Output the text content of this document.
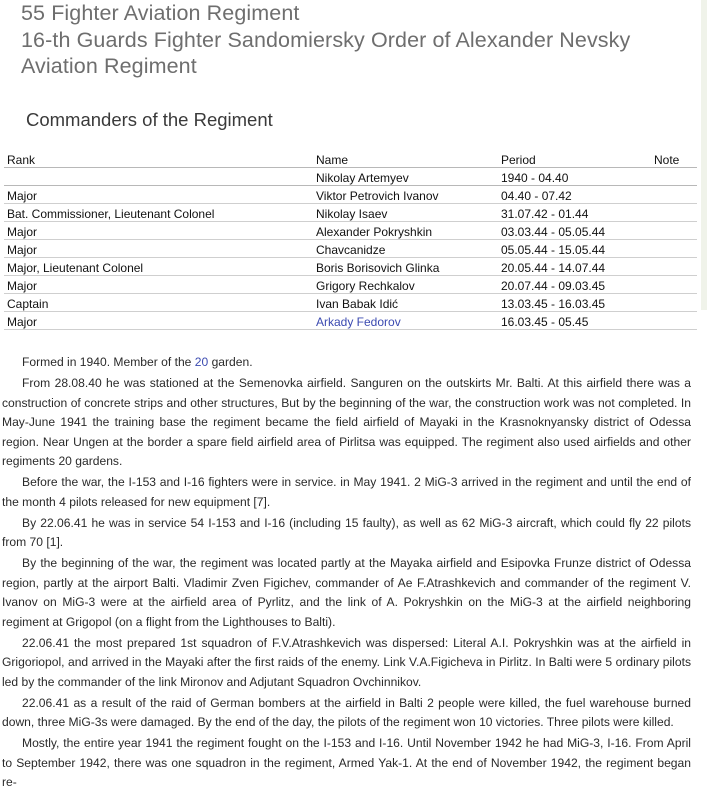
55 Fighter Aviation Regiment
16-th Guards Fighter Sandomiersky Order of Alexander Nevsky
Aviation Regiment
Commanders of the Regiment
Rank	Name	Period	Note
	Nikolay Artemyev	1940 - 04.40	
Major	Viktor Petrovich Ivanov	04.40 - 07.42	
Bat. Commissioner, Lieutenant Colonel	Nikolay Isaev	31.07.42 - 01.44	
Major	Alexander Pokryshkin	03.03.44 - 05.05.44	
Major	Chavcanidze	05.05.44 - 15.05.44	
Major, Lieutenant Colonel	Boris Borisovich Glinka	20.05.44 - 14.07.44	
Major	Grigory Rechkalov	20.07.44 - 09.03.45	
Captain	Ivan Babak Idić	13.03.45 - 16.03.45	
Major	Arkady Fedorov	16.03.45 - 05.45	

Formed in 1940. Member of the 20 garden.

From 28.08.40 he was stationed at the Semenovka airfield. Sanguren on the outskirts Mr. Balti. At this airfield there was a construction of concrete strips and other structures, But by the beginning of the war, the construction work was not completed. In May-June 1941 the training base the regiment became the field airfield of Mayaki in the Krasnoknyansky district of Odessa region. Near Ungen at the border a spare field airfield area of Pirlitsa was equipped. The regiment also used airfields and other regiments 20 gardens.

Before the war, the I-153 and I-16 fighters were in service. in May 1941. 2 MiG-3 arrived in the regiment and until the end of the month 4 pilots released for new equipment [7].

By 22.06.41 he was in service 54 I-153 and I-16 (including 15 faulty), as well as 62 MiG-3 aircraft, which could fly 22 pilots from 70 [1].

By the beginning of the war, the regiment was located partly at the Mayaka airfield and Esipovka Frunze district of Odessa region, partly at the airport Balti. Vladimir Zven Figichev, commander of Ae F.Atrashkevich and commander of the regiment V. Ivanov on MiG-3 were at the airfield area of Pyrlitz, and the link of A. Pokryshkin on the MiG-3 at the airfield neighboring regiment at Grigopol (on a flight from the Lighthouses to Balti).

22.06.41 the most prepared 1st squadron of F.V.Atrashkevich was dispersed: Literal A.I. Pokryshkin was at the airfield in Grigoriopol, and arrived in the Mayaki after the first raids of the enemy. Link V.A.Figicheva in Pirlitz. In Balti were 5 ordinary pilots led by the commander of the link Mironov and Adjutant Squadron Ovchinnikov.

22.06.41 as a result of the raid of German bombers at the airfield in Balti 2 people were killed, the fuel warehouse burned down, three MiG-3s were damaged. By the end of the day, the pilots of the regiment won 10 victories. Three pilots were killed.

Mostly, the entire year 1941 the regiment fought on the I-153 and I-16. Until November 1942 he had MiG-3, I-16. From April to September 1942, there was one squadron in the regiment, Armed Yak-1. At the end of November 1942, the regiment began re-
